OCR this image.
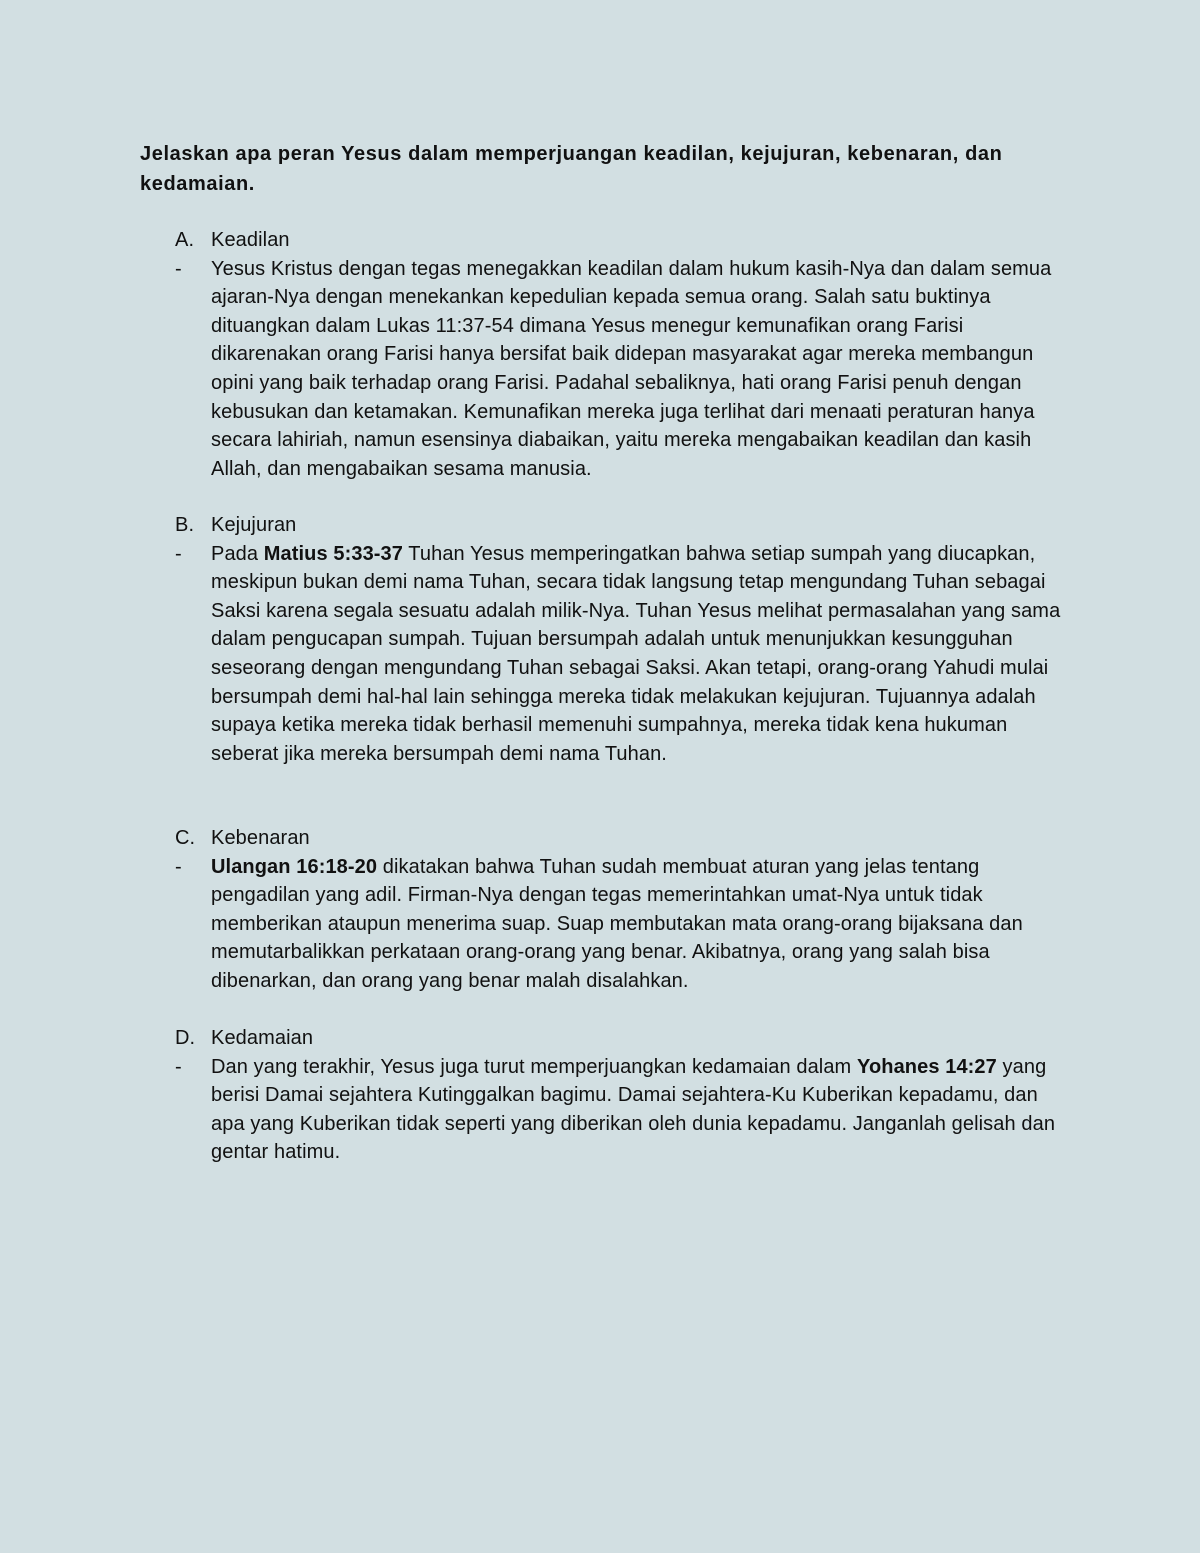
Jelaskan apa peran Yesus dalam memperjuangan keadilan, kejujuran, kebenaran, dan kedamaian.
A. Keadilan
-	Yesus Kristus dengan tegas menegakkan keadilan dalam hukum kasih-Nya dan dalam semua ajaran-Nya dengan menekankan kepedulian kepada semua orang. Salah satu buktinya dituangkan dalam Lukas 11:37-54 dimana Yesus menegur kemunafikan orang Farisi dikarenakan orang Farisi hanya bersifat baik didepan masyarakat agar mereka membangun opini yang baik terhadap orang Farisi. Padahal sebaliknya, hati orang Farisi penuh dengan kebusukan dan ketamakan. Kemunafikan mereka juga terlihat dari menaati peraturan hanya secara lahiriah, namun esensinya diabaikan, yaitu mereka mengabaikan keadilan dan kasih Allah, dan mengabaikan sesama manusia.
B. Kejujuran
-	Pada Matius 5:33-37 Tuhan Yesus memperingatkan bahwa setiap sumpah yang diucapkan, meskipun bukan demi nama Tuhan, secara tidak langsung tetap mengundang Tuhan sebagai Saksi karena segala sesuatu adalah milik-Nya. Tuhan Yesus melihat permasalahan yang sama dalam pengucapan sumpah. Tujuan bersumpah adalah untuk menunjukkan kesungguhan seseorang dengan mengundang Tuhan sebagai Saksi. Akan tetapi, orang-orang Yahudi mulai bersumpah demi hal-hal lain sehingga mereka tidak melakukan kejujuran. Tujuannya adalah supaya ketika mereka tidak berhasil memenuhi sumpahnya, mereka tidak kena hukuman seberat jika mereka bersumpah demi nama Tuhan.
C. Kebenaran
-	Ulangan 16:18-20 dikatakan bahwa Tuhan sudah membuat aturan yang jelas tentang pengadilan yang adil. Firman-Nya dengan tegas memerintahkan umat-Nya untuk tidak memberikan ataupun menerima suap. Suap membutakan mata orang-orang bijaksana dan memutarbalikkan perkataan orang-orang yang benar. Akibatnya, orang yang salah bisa dibenarkan, dan orang yang benar malah disalahkan.
D. Kedamaian
-	Dan yang terakhir, Yesus juga turut memperjuangkan kedamaian dalam Yohanes 14:27 yang berisi Damai sejahtera Kutinggalkan bagimu. Damai sejahtera-Ku Kuberikan kepadamu, dan apa yang Kuberikan tidak seperti yang diberikan oleh dunia kepadamu. Janganlah gelisah dan gentar hatimu.
